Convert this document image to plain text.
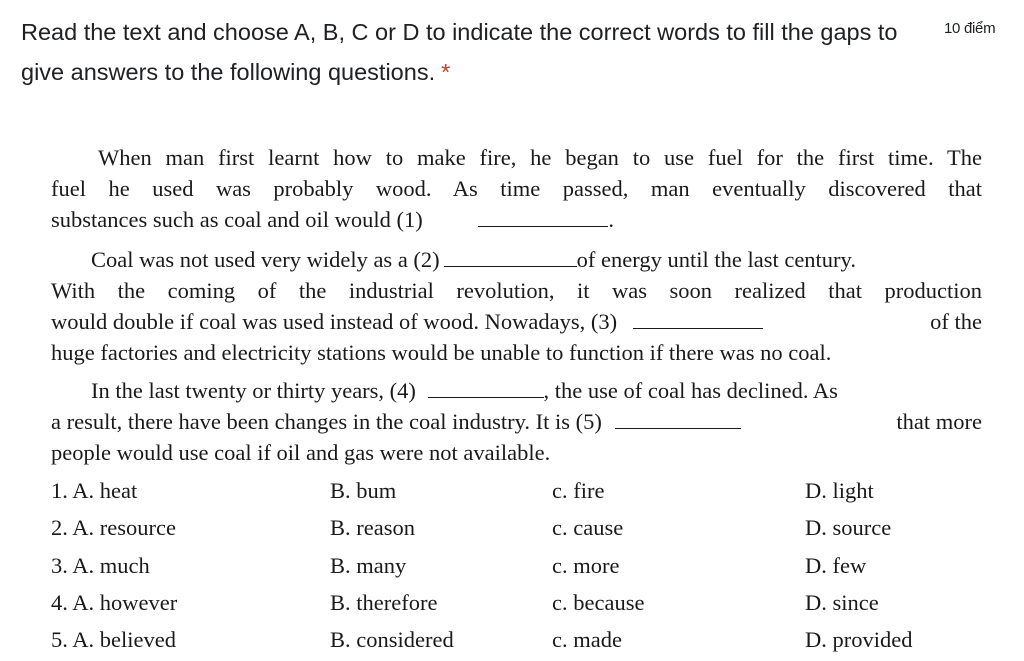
Read the text and choose A, B, C or D to indicate the correct words to fill the gaps to give answers to the following questions. *
10 điểm
When man first learnt how to make fire, he began to use fuel for the first time. The
fuel he used was probably wood. As time passed, man eventually discovered that
substances such as coal and oil would (1)	.
Coal was not used very widely as a (2)	of energy until the last century.
With the coming of the industrial revolution, it was soon realized that production
would double if coal was used instead of wood. Nowadays, (3)	of the
huge factories and electricity stations would be unable to function if there was no coal.
In the last twenty or thirty years, (4)	, the use of coal has declined. As
a result, there have been changes in the coal industry. It is (5)	that more
people would use coal if oil and gas were not available.
1. A. heat	B. bum	c. fire	D. light
2. A. resource	B. reason	c. cause	D. source
3. A. much	B. many	c. more	D. few
4. A. however	B. therefore	c. because	D. since
5. A. believed	B. considered	c. made	D. provided
